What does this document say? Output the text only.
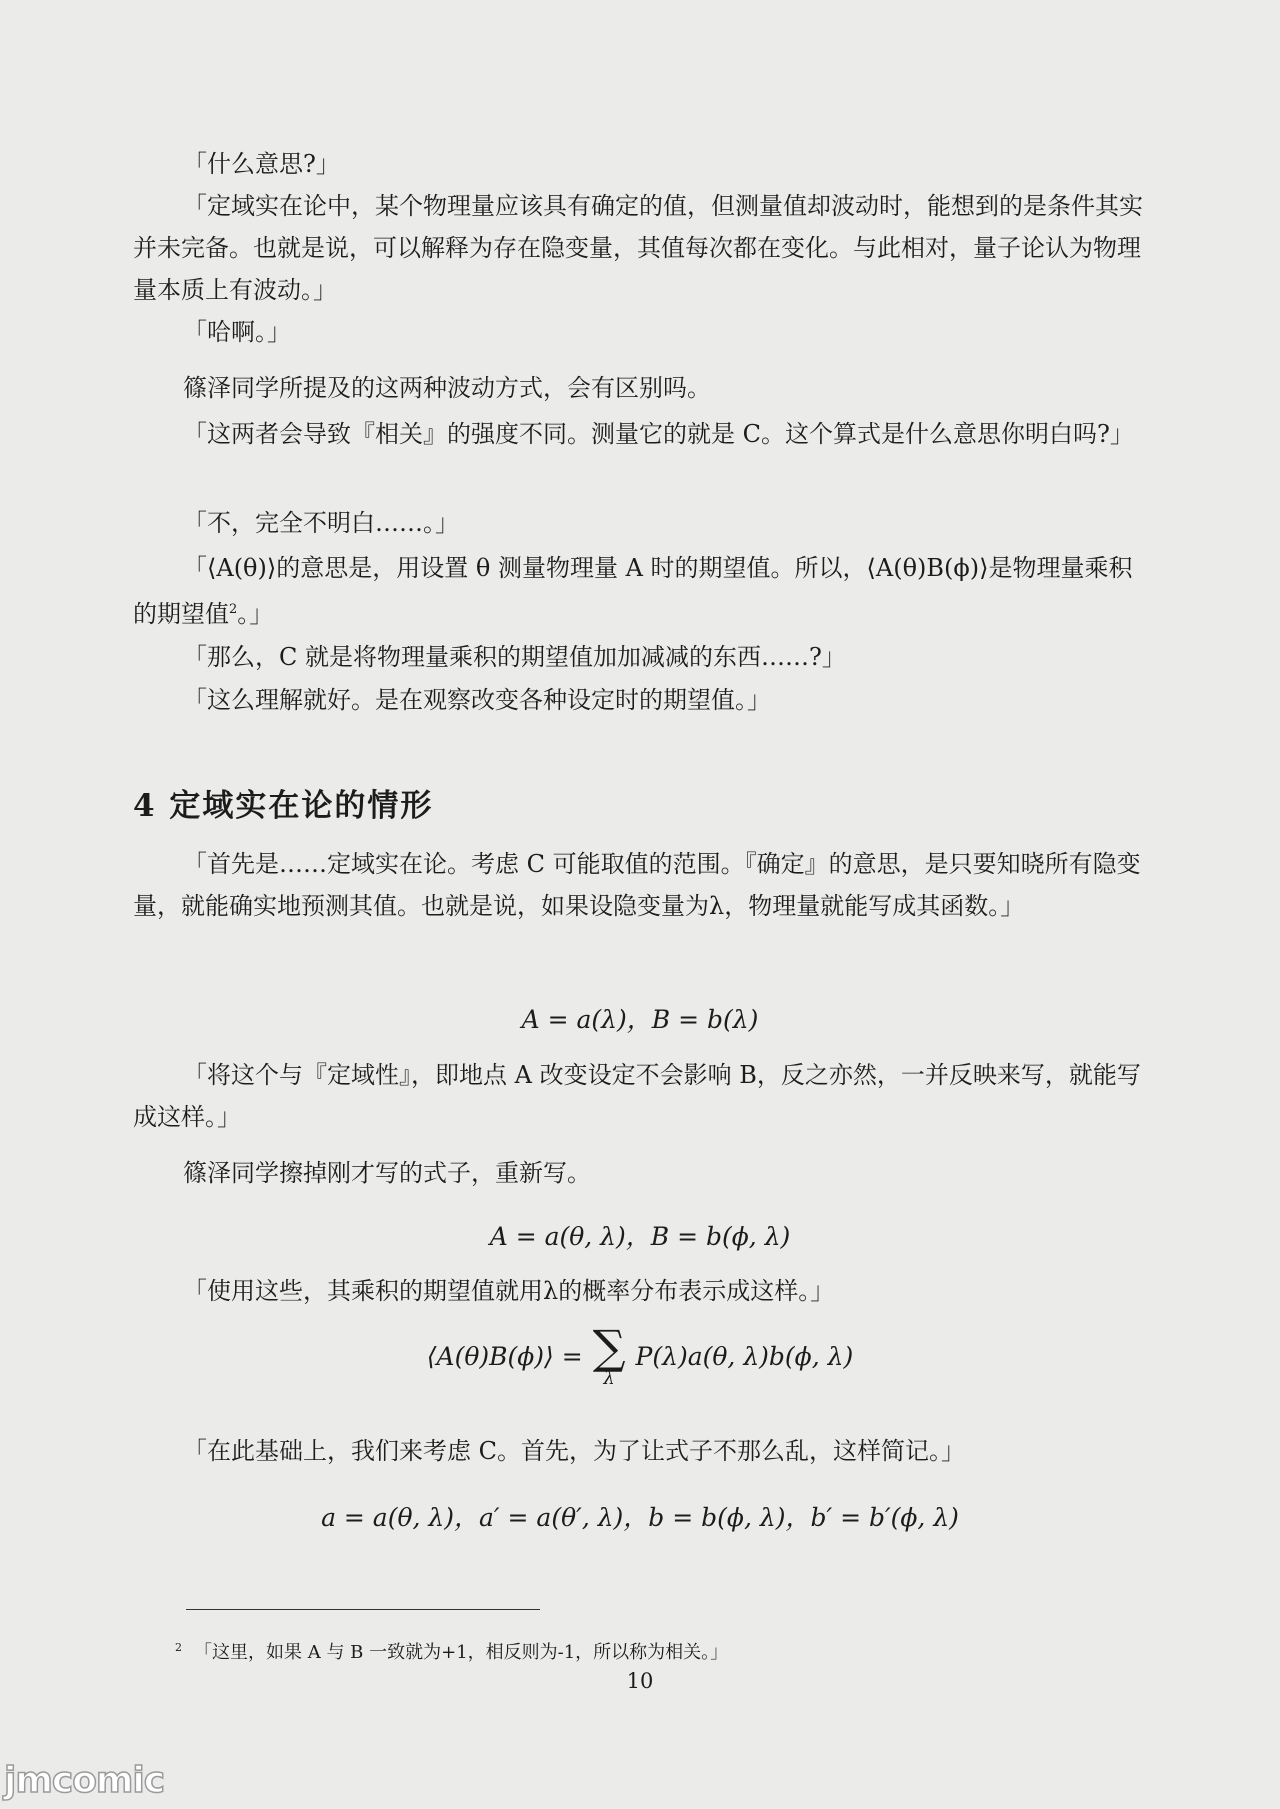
「什么意思?」

「定域实在论中，某个物理量应该具有确定的值，但测量值却波动时，能想到的是条件其实并未完备。也就是说，可以解释为存在隐变量，其值每次都在变化。与此相对，量子论认为物理量本质上有波动。」

「哈啊。」

篠泽同学所提及的这两种波动方式，会有区别吗。

「这两者会导致『相关』的强度不同。测量它的就是 C。这个算式是什么意思你明白吗?」

「不，完全不明白……。」

「⟨A(θ)⟩的意思是，用设置 θ 测量物理量 A 时的期望值。所以，⟨A(θ)B(ϕ)⟩是物理量乘积的期望值$^2$。」

「那么，C 就是将物理量乘积的期望值加加减减的东西……?」

「这么理解就好。是在观察改变各种设定时的期望值。」

4 定域实在论的情形

「首先是……定域实在论。考虑 C 可能取值的范围。『确定』的意思，是只要知晓所有隐变量，就能确实地预测其值。也就是说，如果设隐变量为λ，物理量就能写成其函数。」

A = a(λ)，B = b(λ)

「将这个与『定域性』，即地点 A 改变设定不会影响 B，反之亦然，一并反映来写，就能写成这样。」

篠泽同学擦掉刚才写的式子，重新写。

A = a(θ, λ)，B = b(ϕ, λ)

「使用这些，其乘积的期望值就用λ的概率分布表示成这样。」

⟨A(θ)B(ϕ)⟩ = ∑
λ
P(λ)a(θ, λ)b(ϕ, λ)

「在此基础上，我们来考虑 C。首先，为了让式子不那么乱，这样简记。」

a = a(θ, λ)，a′ = a(θ′, λ)，b = b(ϕ, λ)，b′ = b′(ϕ, λ)

$^2$ 「这里，如果 A 与 B 一致就为+1，相反则为-1，所以称为相关。」

10

jmcomic
